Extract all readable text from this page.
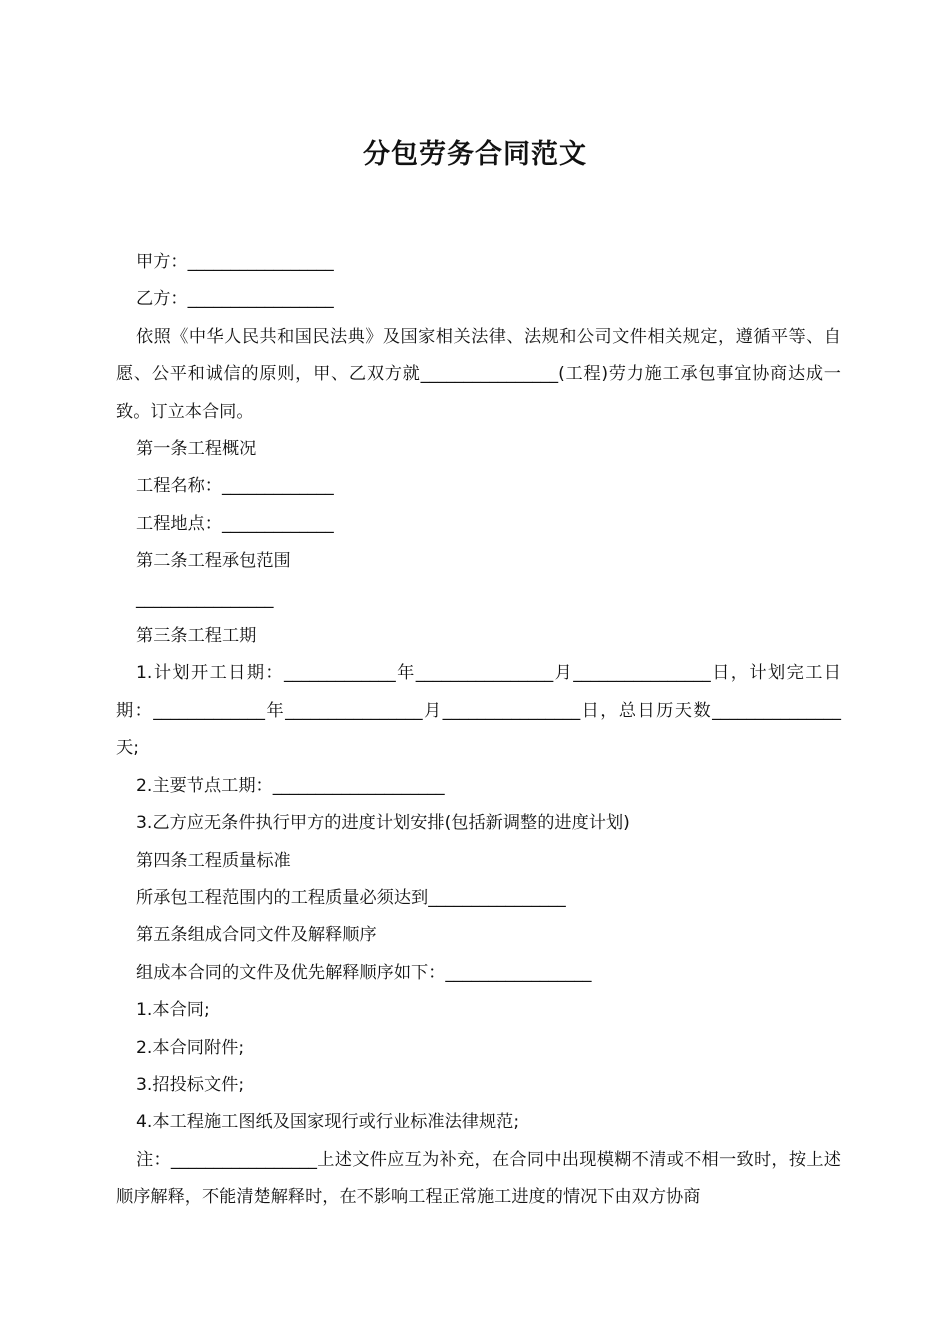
分包劳务合同范文

甲方：_________________

乙方：_________________

依照《中华人民共和国民法典》及国家相关法律、法规和公司文件相关规定，遵循平等、自愿、公平和诚信的原则，甲、乙双方就________________(工程)劳力施工承包事宜协商达成一致。订立本合同。

第一条工程概况

工程名称：_____________

工程地点：_____________

第二条工程承包范围

________________

第三条工程工期

1.计划开工日期：_____________年________________月________________日，计划完工日期：_____________年________________月________________日，总日历天数_______________天;

2.主要节点工期：____________________

3.乙方应无条件执行甲方的进度计划安排(包括新调整的进度计划)

第四条工程质量标准

所承包工程范围内的工程质量必须达到________________

第五条组成合同文件及解释顺序

组成本合同的文件及优先解释顺序如下：_________________

1.本合同;

2.本合同附件;

3.招投标文件;

4.本工程施工图纸及国家现行或行业标准法律规范;

注：_________________上述文件应互为补充，在合同中出现模糊不清或不相一致时，按上述顺序解释，不能清楚解释时，在不影响工程正常施工进度的情况下由双方协商
